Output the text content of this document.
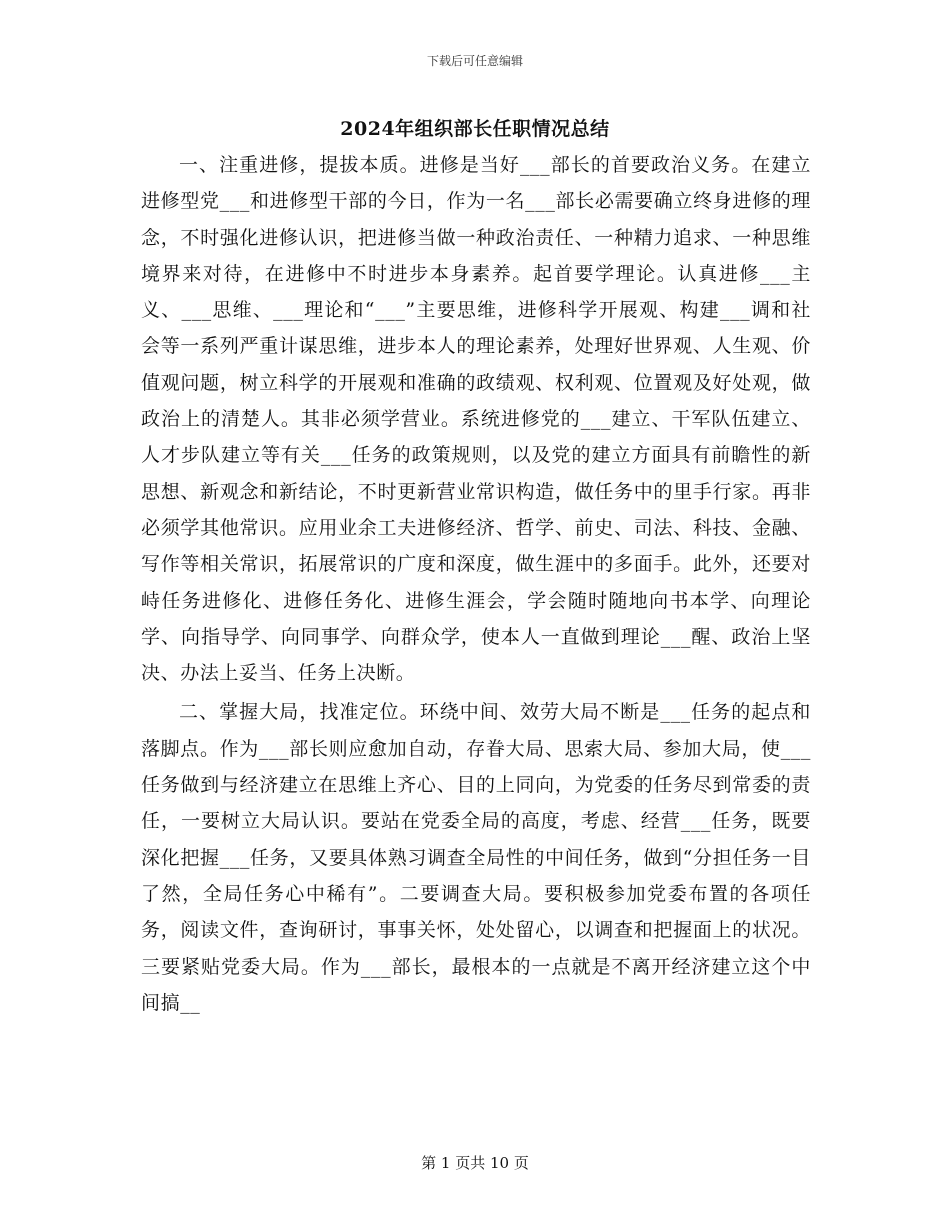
下载后可任意编辑
2024年组织部长任职情况总结

一、注重进修，提拔本质。进修是当好___部长的首要政治义务。在建立进修型党___和进修型干部的今日，作为一名___部长必需要确立终身进修的理念，不时强化进修认识，把进修当做一种政治责任、一种精力追求、一种思维境界来对待，在进修中不时进步本身素养。起首要学理论。认真进修___主义、___思维、___理论和“___”主要思维，进修科学开展观、构建___调和社会等一系列严重计谋思维，进步本人的理论素养，处理好世界观、人生观、价值观问题，树立科学的开展观和准确的政绩观、权利观、位置观及好处观，做政治上的清楚人。其非必须学营业。系统进修党的___建立、干军队伍建立、人才步队建立等有关___任务的政策规则，以及党的建立方面具有前瞻性的新思想、新观念和新结论，不时更新营业常识构造，做任务中的里手行家。再非必须学其他常识。应用业余工夫进修经济、哲学、前史、司法、科技、金融、写作等相关常识，拓展常识的广度和深度，做生涯中的多面手。此外，还要对峙任务进修化、进修任务化、进修生涯会，学会随时随地向书本学、向理论学、向指导学、向同事学、向群众学，使本人一直做到理论___醒、政治上坚决、办法上妥当、任务上决断。

二、掌握大局，找准定位。环绕中间、效劳大局不断是___任务的起点和落脚点。作为___部长则应愈加自动，存眷大局、思索大局、参加大局，使___任务做到与经济建立在思维上齐心、目的上同向，为党委的任务尽到常委的责任，一要树立大局认识。要站在党委全局的高度，考虑、经营___任务，既要深化把握___任务，又要具体熟习调查全局性的中间任务，做到“分担任务一目了然，全局任务心中稀有”。二要调查大局。要积极参加党委布置的各项任务，阅读文件，查询研讨，事事关怀，处处留心，以调查和把握面上的状况。三要紧贴党委大局。作为___部长，最根本的一点就是不离开经济建立这个中间搞__

第 1 页共 10 页
